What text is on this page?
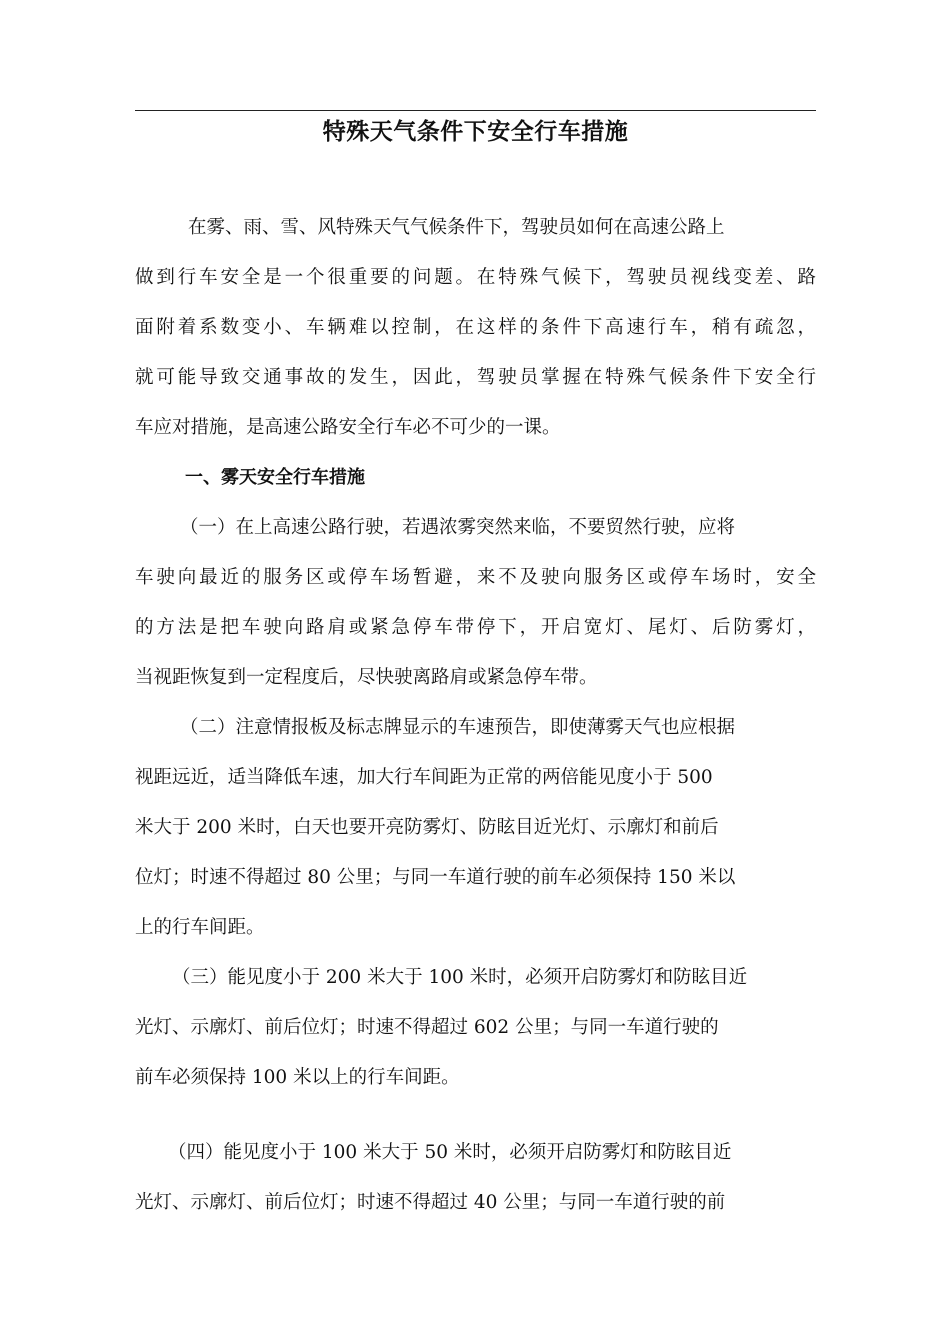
特殊天气条件下安全行车措施
在雾、雨、雪、风特殊天气气候条件下，驾驶员如何在高速公路上
做到行车安全是一个很重要的问题。在特殊气候下，驾驶员视线变差、路
面附着系数变小、车辆难以控制，在这样的条件下高速行车，稍有疏忽，
就可能导致交通事故的发生，因此，驾驶员掌握在特殊气候条件下安全行
车应对措施，是高速公路安全行车必不可少的一课。
一、雾天安全行车措施
（一）在上高速公路行驶，若遇浓雾突然来临，不要贸然行驶，应将
车驶向最近的服务区或停车场暂避，来不及驶向服务区或停车场时，安全
的方法是把车驶向路肩或紧急停车带停下，开启宽灯、尾灯、后防雾灯，
当视距恢复到一定程度后，尽快驶离路肩或紧急停车带。
（二）注意情报板及标志牌显示的车速预告，即使薄雾天气也应根据
视距远近，适当降低车速，加大行车间距为正常的两倍能见度小于 500
米大于 200 米时，白天也要开亮防雾灯、防眩目近光灯、示廓灯和前后
位灯；时速不得超过 80 公里；与同一车道行驶的前车必须保持 150 米以
上的行车间距。
（三）能见度小于 200 米大于 100 米时，必须开启防雾灯和防眩目近
光灯、示廓灯、前后位灯；时速不得超过 602 公里；与同一车道行驶的
前车必须保持 100 米以上的行车间距。
（四）能见度小于 100 米大于 50 米时，必须开启防雾灯和防眩目近
光灯、示廓灯、前后位灯；时速不得超过 40 公里；与同一车道行驶的前
